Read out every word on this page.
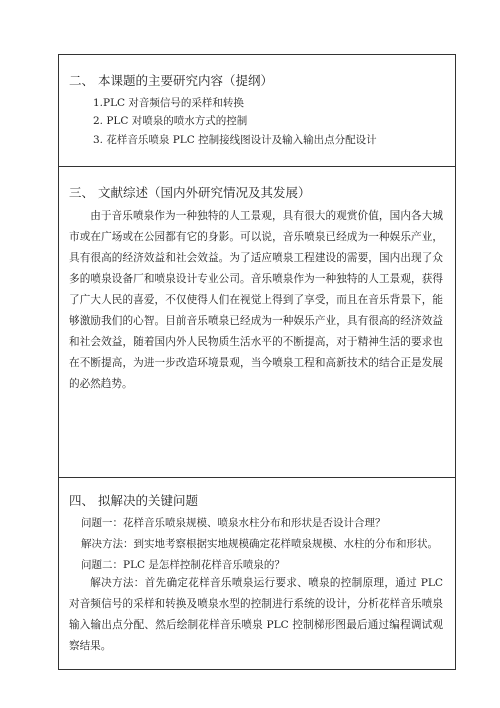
二、 本课题的主要研究内容（提纲）
1.PLC 对音频信号的采样和转换
2. PLC 对喷泉的喷水方式的控制
3. 花样音乐喷泉 PLC 控制接线图设计及输入输出点分配设计
三、 文献综述（国内外研究情况及其发展）

由于音乐喷泉作为一种独特的人工景观，具有很大的观赏价值，国内各大城市或在广场或在公园都有它的身影。可以说，音乐喷泉已经成为一种娱乐产业，具有很高的经济效益和社会效益。为了适应喷泉工程建设的需要，国内出现了众多的喷泉设备厂和喷泉设计专业公司。音乐喷泉作为一种独特的人工景观，获得了广大人民的喜爱，不仅使得人们在视觉上得到了享受，而且在音乐背景下，能够激励我们的心智。目前音乐喷泉已经成为一种娱乐产业，具有很高的经济效益和社会效益，随着国内外人民物质生活水平的不断提高，对于精神生活的要求也在不断提高，为进一步改造环境景观，当今喷泉工程和高新技术的结合正是发展的必然趋势。

四、 拟解决的关键问题
问题一：花样音乐喷泉规模、喷泉水柱分布和形状是否设计合理？
解决方法：到实地考察根据实地规模确定花样喷泉规模、水柱的分布和形状。
问题二：PLC 是怎样控制花样音乐喷泉的？

解决方法：首先确定花样音乐喷泉运行要求、喷泉的控制原理，通过 PLC 对音频信号的采样和转换及喷泉水型的控制进行系统的设计，分析花样音乐喷泉输入输出点分配、然后绘制花样音乐喷泉 PLC 控制梯形图最后通过编程调试观察结果。
